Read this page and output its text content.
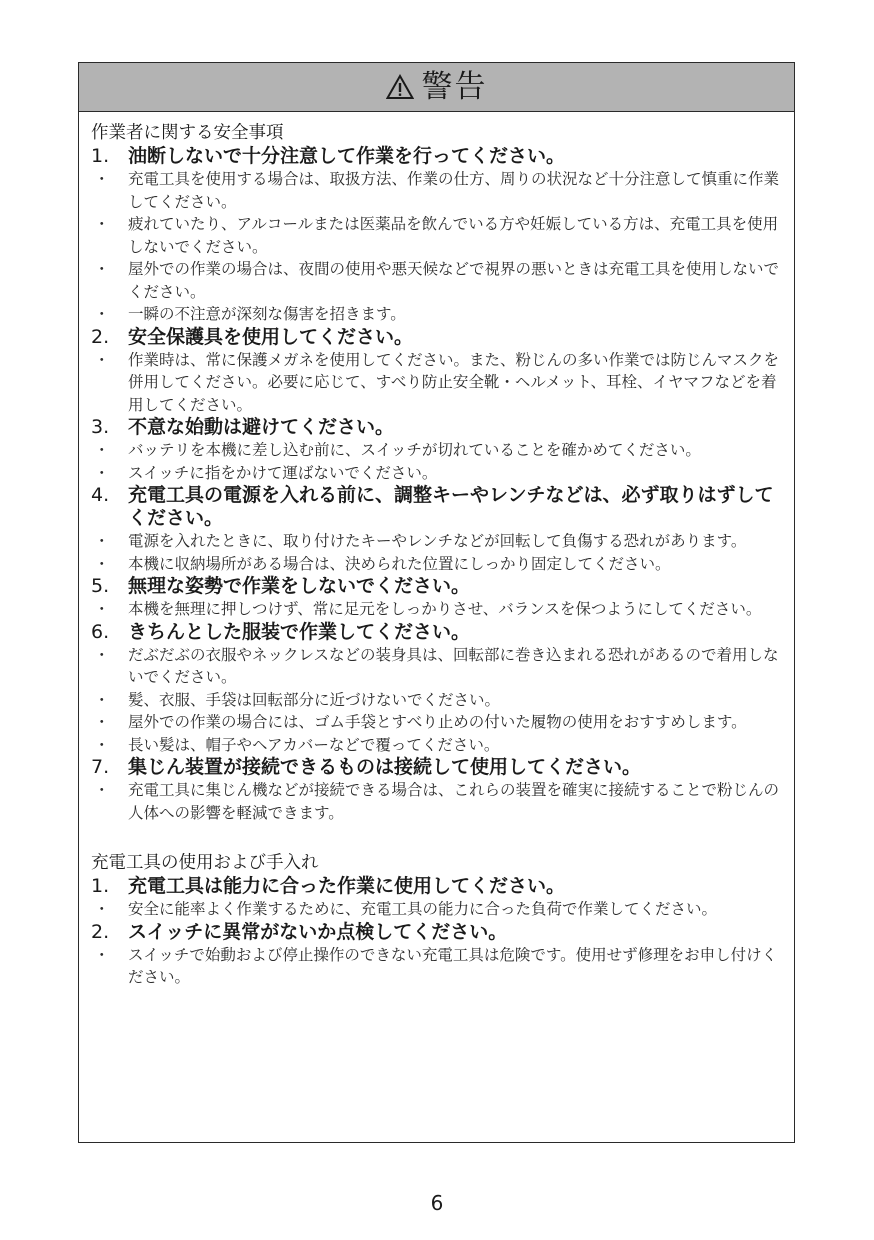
警告
作業者に関する安全事項
1. 油断しないで十分注意して作業を行ってください。
・	充電工具を使用する場合は、取扱方法、作業の仕方、周りの状況など十分注意して慎重に作業してください。
・	疲れていたり、アルコールまたは医薬品を飲んでいる方や妊娠している方は、充電工具を使用しないでください。
・	屋外での作業の場合は、夜間の使用や悪天候などで視界の悪いときは充電工具を使用しないでください。
・	一瞬の不注意が深刻な傷害を招きます。
2. 安全保護具を使用してください。
・	作業時は、常に保護メガネを使用してください。また、粉じんの多い作業では防じんマスクを併用してください。必要に応じて、すべり防止安全靴・ヘルメット、耳栓、イヤマフなどを着用してください。
3. 不意な始動は避けてください。
・	バッテリを本機に差し込む前に、スイッチが切れていることを確かめてください。
・	スイッチに指をかけて運ばないでください。
4. 充電工具の電源を入れる前に、調整キーやレンチなどは、必ず取りはずしてください。
・	電源を入れたときに、取り付けたキーやレンチなどが回転して負傷する恐れがあります。
・	本機に収納場所がある場合は、決められた位置にしっかり固定してください。
5. 無理な姿勢で作業をしないでください。
・	本機を無理に押しつけず、常に足元をしっかりさせ、バランスを保つようにしてください。
6. きちんとした服装で作業してください。
・	だぶだぶの衣服やネックレスなどの装身具は、回転部に巻き込まれる恐れがあるので着用しないでください。
・	髪、衣服、手袋は回転部分に近づけないでください。
・	屋外での作業の場合には、ゴム手袋とすべり止めの付いた履物の使用をおすすめします。
・	長い髪は、帽子やヘアカバーなどで覆ってください。
7. 集じん装置が接続できるものは接続して使用してください。
・	充電工具に集じん機などが接続できる場合は、これらの装置を確実に接続することで粉じんの人体への影響を軽減できます。
充電工具の使用および手入れ
1. 充電工具は能力に合った作業に使用してください。
・	安全に能率よく作業するために、充電工具の能力に合った負荷で作業してください。
2. スイッチに異常がないか点検してください。
・	スイッチで始動および停止操作のできない充電工具は危険です。使用せず修理をお申し付けください。
6
